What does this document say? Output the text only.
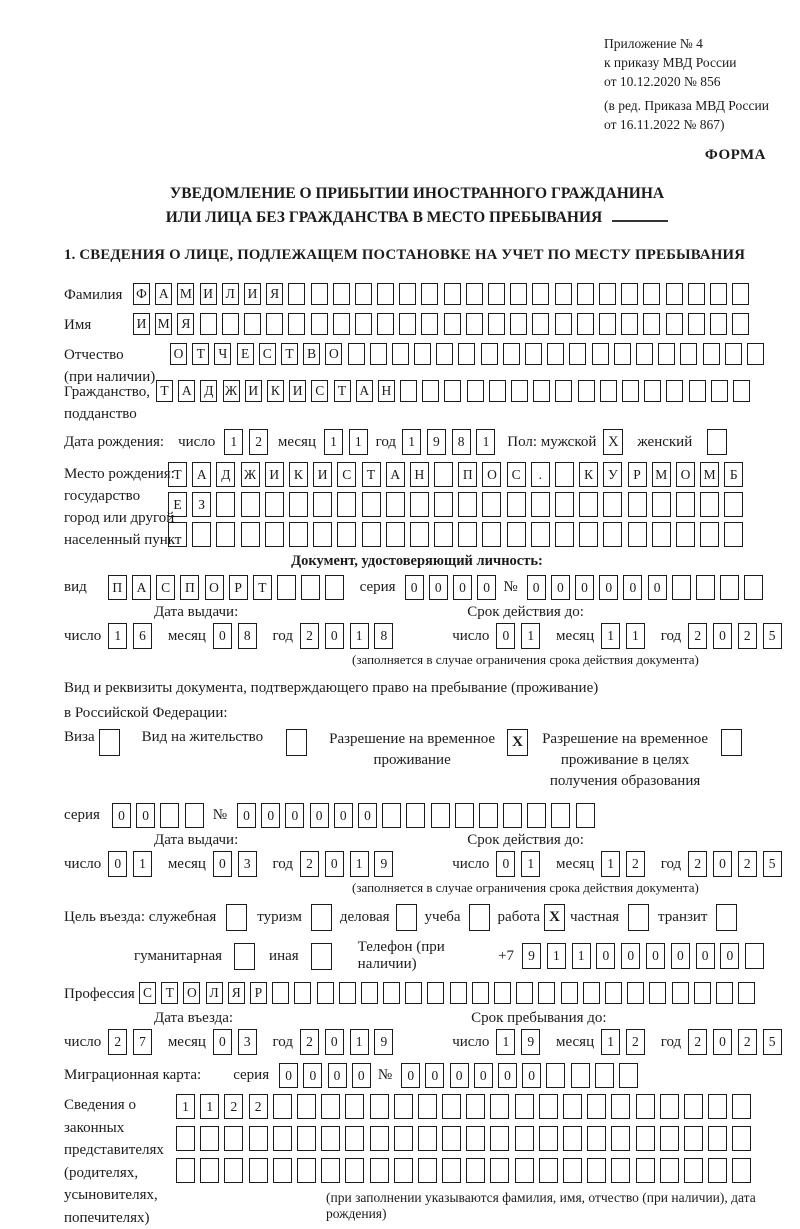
Приложение № 4
к приказу МВД России
от 10.12.2020 № 856
(в ред. Приказа МВД России
от 16.11.2022 № 867)
ФОРМА
УВЕДОМЛЕНИЕ О ПРИБЫТИИ ИНОСТРАННОГО ГРАЖДАНИНА
ИЛИ ЛИЦА БЕЗ ГРАЖДАНСТВА В МЕСТО ПРЕБЫВАНИЯ
1. СВЕДЕНИЯ О ЛИЦЕ, ПОДЛЕЖАЩЕМ ПОСТАНОВКЕ НА УЧЕТ ПО МЕСТУ ПРЕБЫВАНИЯ
Фамилия Ф А М И Л И Я
Имя	И М Я
Отчество
(при наличии)
О Т	Ч	Е	С	Т	В О
Гражданство,
подданство
Т А Д Ж И К И С	Т А Н
Дата рождения: число	1	2	месяц	1	1 год 1	9	8	1	Пол: мужской X	женский
Место рождения:
государство
город или другой
населенный пункт
Т	А	Д	Ж И	К	И	С	Т	А	Н	П	О	С	.	К	У	Р	М О М	Б
Е	З
Документ, удостоверяющий личность:
вид	П	А	С	П	О	Р	Т	серия	0	0	0	0 №	0	0	0	0	0	0
Дата выдачи:	Срок действия до:
число 1	6	месяц 0	8	год 2	0	1	8	число 0	1	месяц 1	1	год 2	0	2	5
(заполняется в случае ограничения срока действия документа)
Вид и реквизиты документа, подтверждающего право на пребывание (проживание)
в Российской Федерации:
Виза	Вид на жительство	Разрешение на временное
проживание
X	Разрешение на временное
проживание в целях
получения образования
серия	0	0	№	0	0	0	0	0	0
Дата выдачи:	Срок действия до:
число 0	1	месяц 0	3	год 2	0	1	9	число 0	1	месяц 1	2	год 2	0	2	5
(заполняется в случае ограничения срока действия документа)
Цель въезда: служебная	туризм	деловая учеба работа X частная	транзит
гуманитарная	иная
Телефон (при наличии)
+7	9	1	1	0	0	0	0	0	0
Профессия С	Т О Л Я	Р
Дата въезда:	Срок пребывания до:
число 2	7	месяц 0	3	год 2	0	1	9	число 1	9	месяц 1	2	год 2	0	2	5
Миграционная карта: серия	0	0	0	0 №	0	0	0	0	0	0
Сведения о
законных
представителях
(родителях,
усыновителях,
попечителях)
1	1	2	2
(при заполнении указываются фамилия, имя, отчество (при наличии), дата рождения)
